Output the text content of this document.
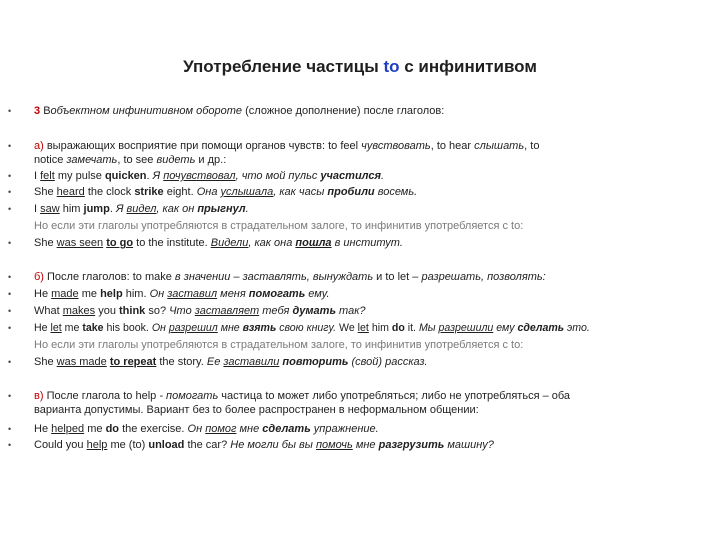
Употребление частицы to с инфинитивом
• 3 Вобъектном инфинитивном обороте (сложное дополнение) после глаголов:
• а) выражающих восприятие при помощи органов чувств: to feel чувствовать, to hear слышать, to
notice замечать, to see видеть и др.:
• I felt my pulse quicken. Я почувствовал, что мой пульс участился.
• She heard the clock strike eight. Она услышала, как часы пробили восемь.
• I saw him jump. Я видел, как он прыгнул.
Но если эти глаголы употребляются в страдательном залоге, то инфинитив употребляется с to:
• She was seen to go to the institute. Видели, как она пошла в институт.
• б) После глаголов: to make в значении – заставлять, вынуждать и to let – разрешать, позволять:
• He made me help him. Он заставил меня помогать ему.
• What makes you think so? Что заставляет тебя думать так?
• He let me take his book. Он разрешил мне взять свою книгу. We let him do it. Мы разрешили ему сделать это.
Но если эти глаголы употребляются в страдательном залоге, то инфинитив употребляется с to:
• She was made to repeat the story. Ее заставили повторить (свой) рассказ.
• в) После глагола to help - помогать частица to может либо употребляться; либо не употребляться – оба
варианта допустимы. Вариант без to более распространен в неформальном общении:
• He helped me do the exercise. Он помог мне сделать упражнение.
• Could you help me (to) unload the car? Не могли бы вы помочь мне разгрузить машину?
